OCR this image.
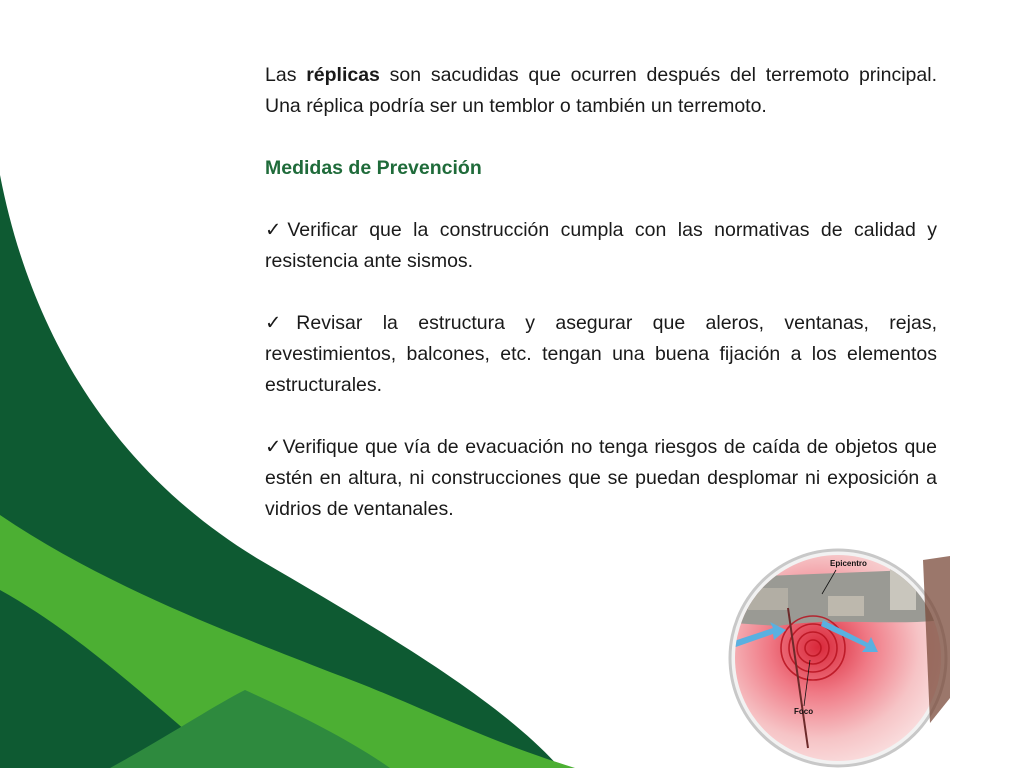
Las réplicas son sacudidas que ocurren después del terremoto principal. Una réplica podría ser un temblor o también un terremoto.

Medidas de Prevención

✓Verificar que la construcción cumpla con las normativas de calidad y resistencia ante sismos.

✓Revisar la estructura y asegurar que aleros, ventanas, rejas, revestimientos, balcones, etc. tengan una buena fijación a los elementos estructurales.

✓Verifique que vía de evacuación no tenga riesgos de caída de objetos que estén en altura, ni construcciones que se puedan desplomar ni exposición a vidrios de ventanales.

Epicentro
Foco
